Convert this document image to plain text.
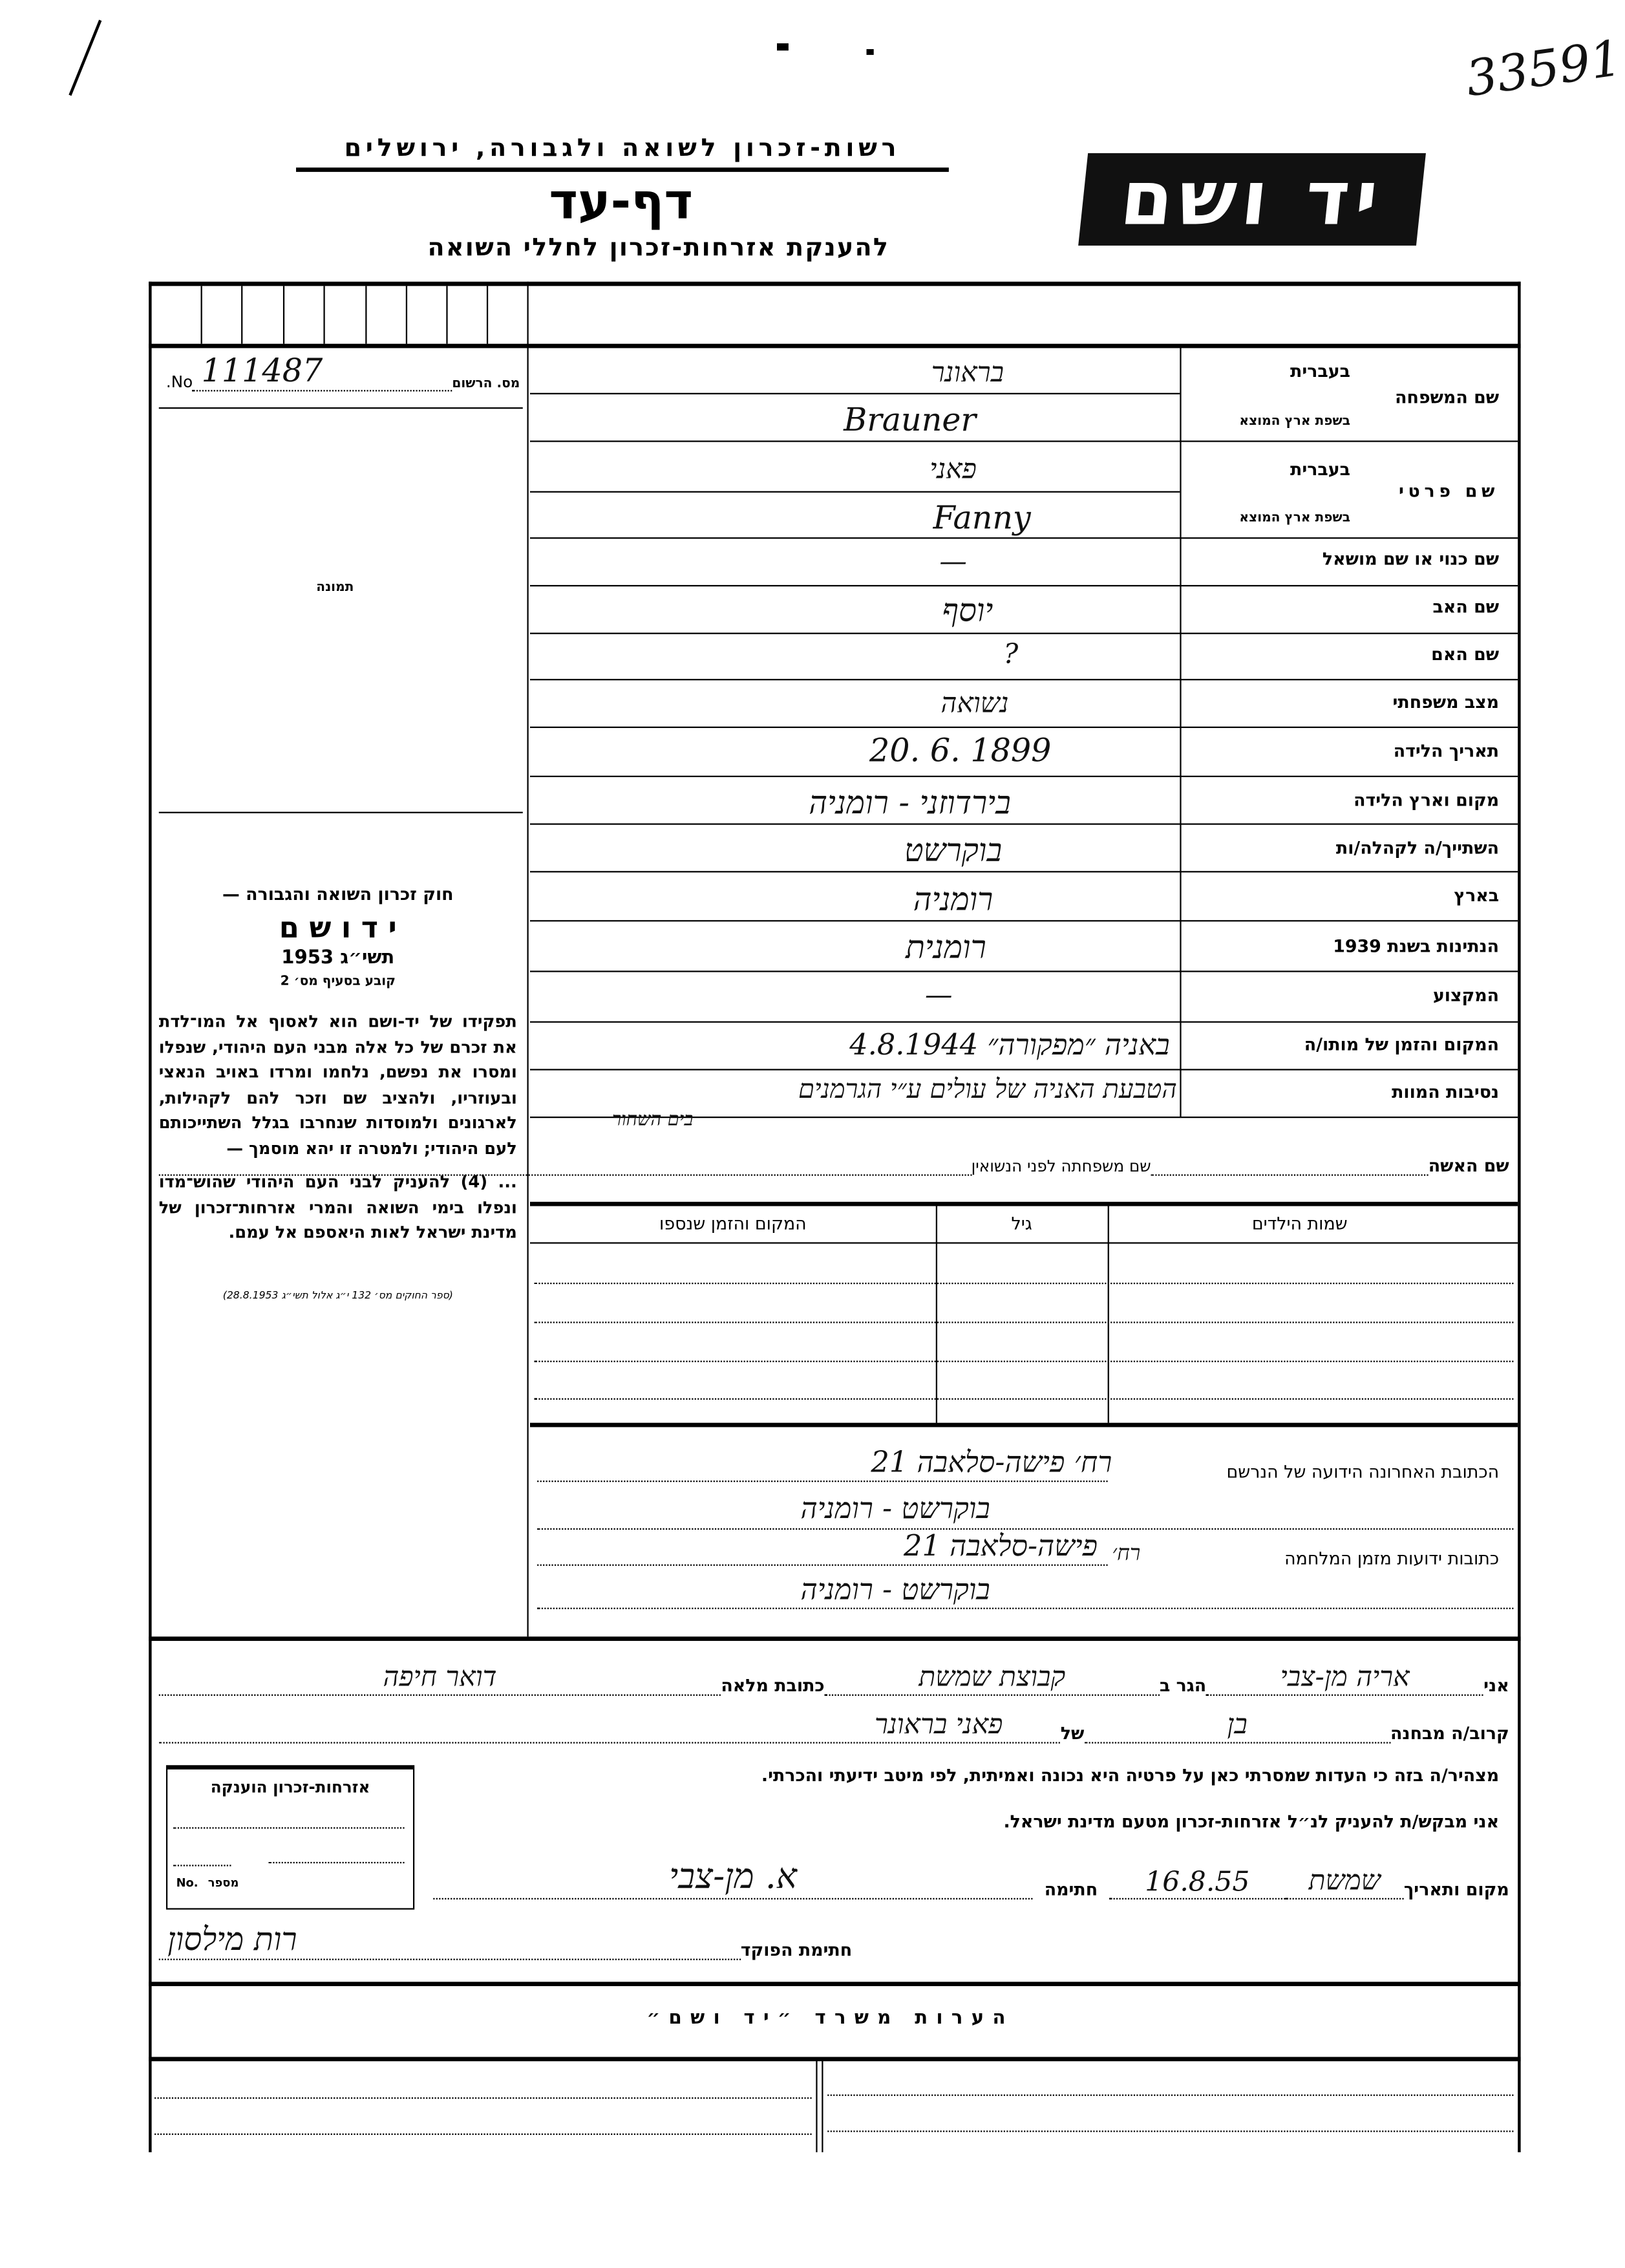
33591
רשות-זכרון לשואה ולגבורה, ירושלים
דף-עד
להענקת אזרחות-זכרון לחללי השואה
יד ושם
No. 111487	מס. הרשום
תמונה
חוק זכרון השואה והגבורה —
י ד ו ש ם
תשי״ג 1953
קובע בסעיף מס׳ 2

תפקידו של יד-ושם הוא לאסוף אל המו־לדת את זכרם של כל אלה מבני העם היהודי, שנפלו ומסרו את נפשם, נלחמו ומרדו באויב הנאצי ובעוזריו, ולהציב שם וזכר להם לקהילות, לארגונים ולמוסדות שנחרבו בגלל השתייכותם לעם היהודי; ולמטרה זו יהא מוסמך —

... (4) להעניק לבני העם היהודי שהוש־מדו ונפלו בימי השואה והמרי אזרחות־זכרון של מדינת ישראל לאות היאספם אל עמם.

(ספר החוקים מס׳ 132 י״ג אלול תשי״ג 28.8.1953)
שם המשפחה
בעברית
בשפת ארץ המוצא
שם פרטי
בעברית
בשפת ארץ המוצא
שם כנוי או שם מושאל
שם האב
שם האם
מצב משפחתי
תאריך הלידה
מקום וארץ הלידה
השתייך/ה לקהלה/ות
בארץ
הנתינות בשנת 1939
המקצוע
המקום והזמן של מותו/ה
נסיבות המוות
בראונר
Brauner
פאני
Fanny
—
יוסף
?
נשואה
20. 6. 1899
בירדוזני - רומניה
בוקרשט
רומניה
רומנית
—
באניה ״מפקורה״ 4.8.1944
הטבעת האניה של עולים ע״י הגרמנים
בים השחור
שם האשה
שם משפחתה לפני הנשואין
שמות הילדים
גיל
המקום והזמן שנספו
הכתובת האחרונה הידועה של הנרשם
רח׳ פישה-סלאבה 21
בוקרשט - רומניה
כתובות ידועות מזמן המלחמה
רח׳
פישה-סלאבה 21
בוקרשט - רומניה
אני
אריה מן-צבי
הגר ב
קבוצת שמשת
כתובת מלאה
דואר חיפה
קרוב/ה מבחנה
בן
של
פאני בראונר
מצהיר/ה בזה כי העדות שמסרתי כאן על פרטיה היא נכונה ואמיתית, לפי מיטב ידיעתי והכרתי.
אני מבקש/ת להעניק לנ״ל אזרחות-זכרון מטעם מדינת ישראל.
מקום ותאריך
שמשת
16.8.55
חתימה
א. מן-צבי
אזרחות-זכרון הוענקה
No. מספר
חתימת הפוקד
רות מילסון
הערות משרד ״יד ושם״
